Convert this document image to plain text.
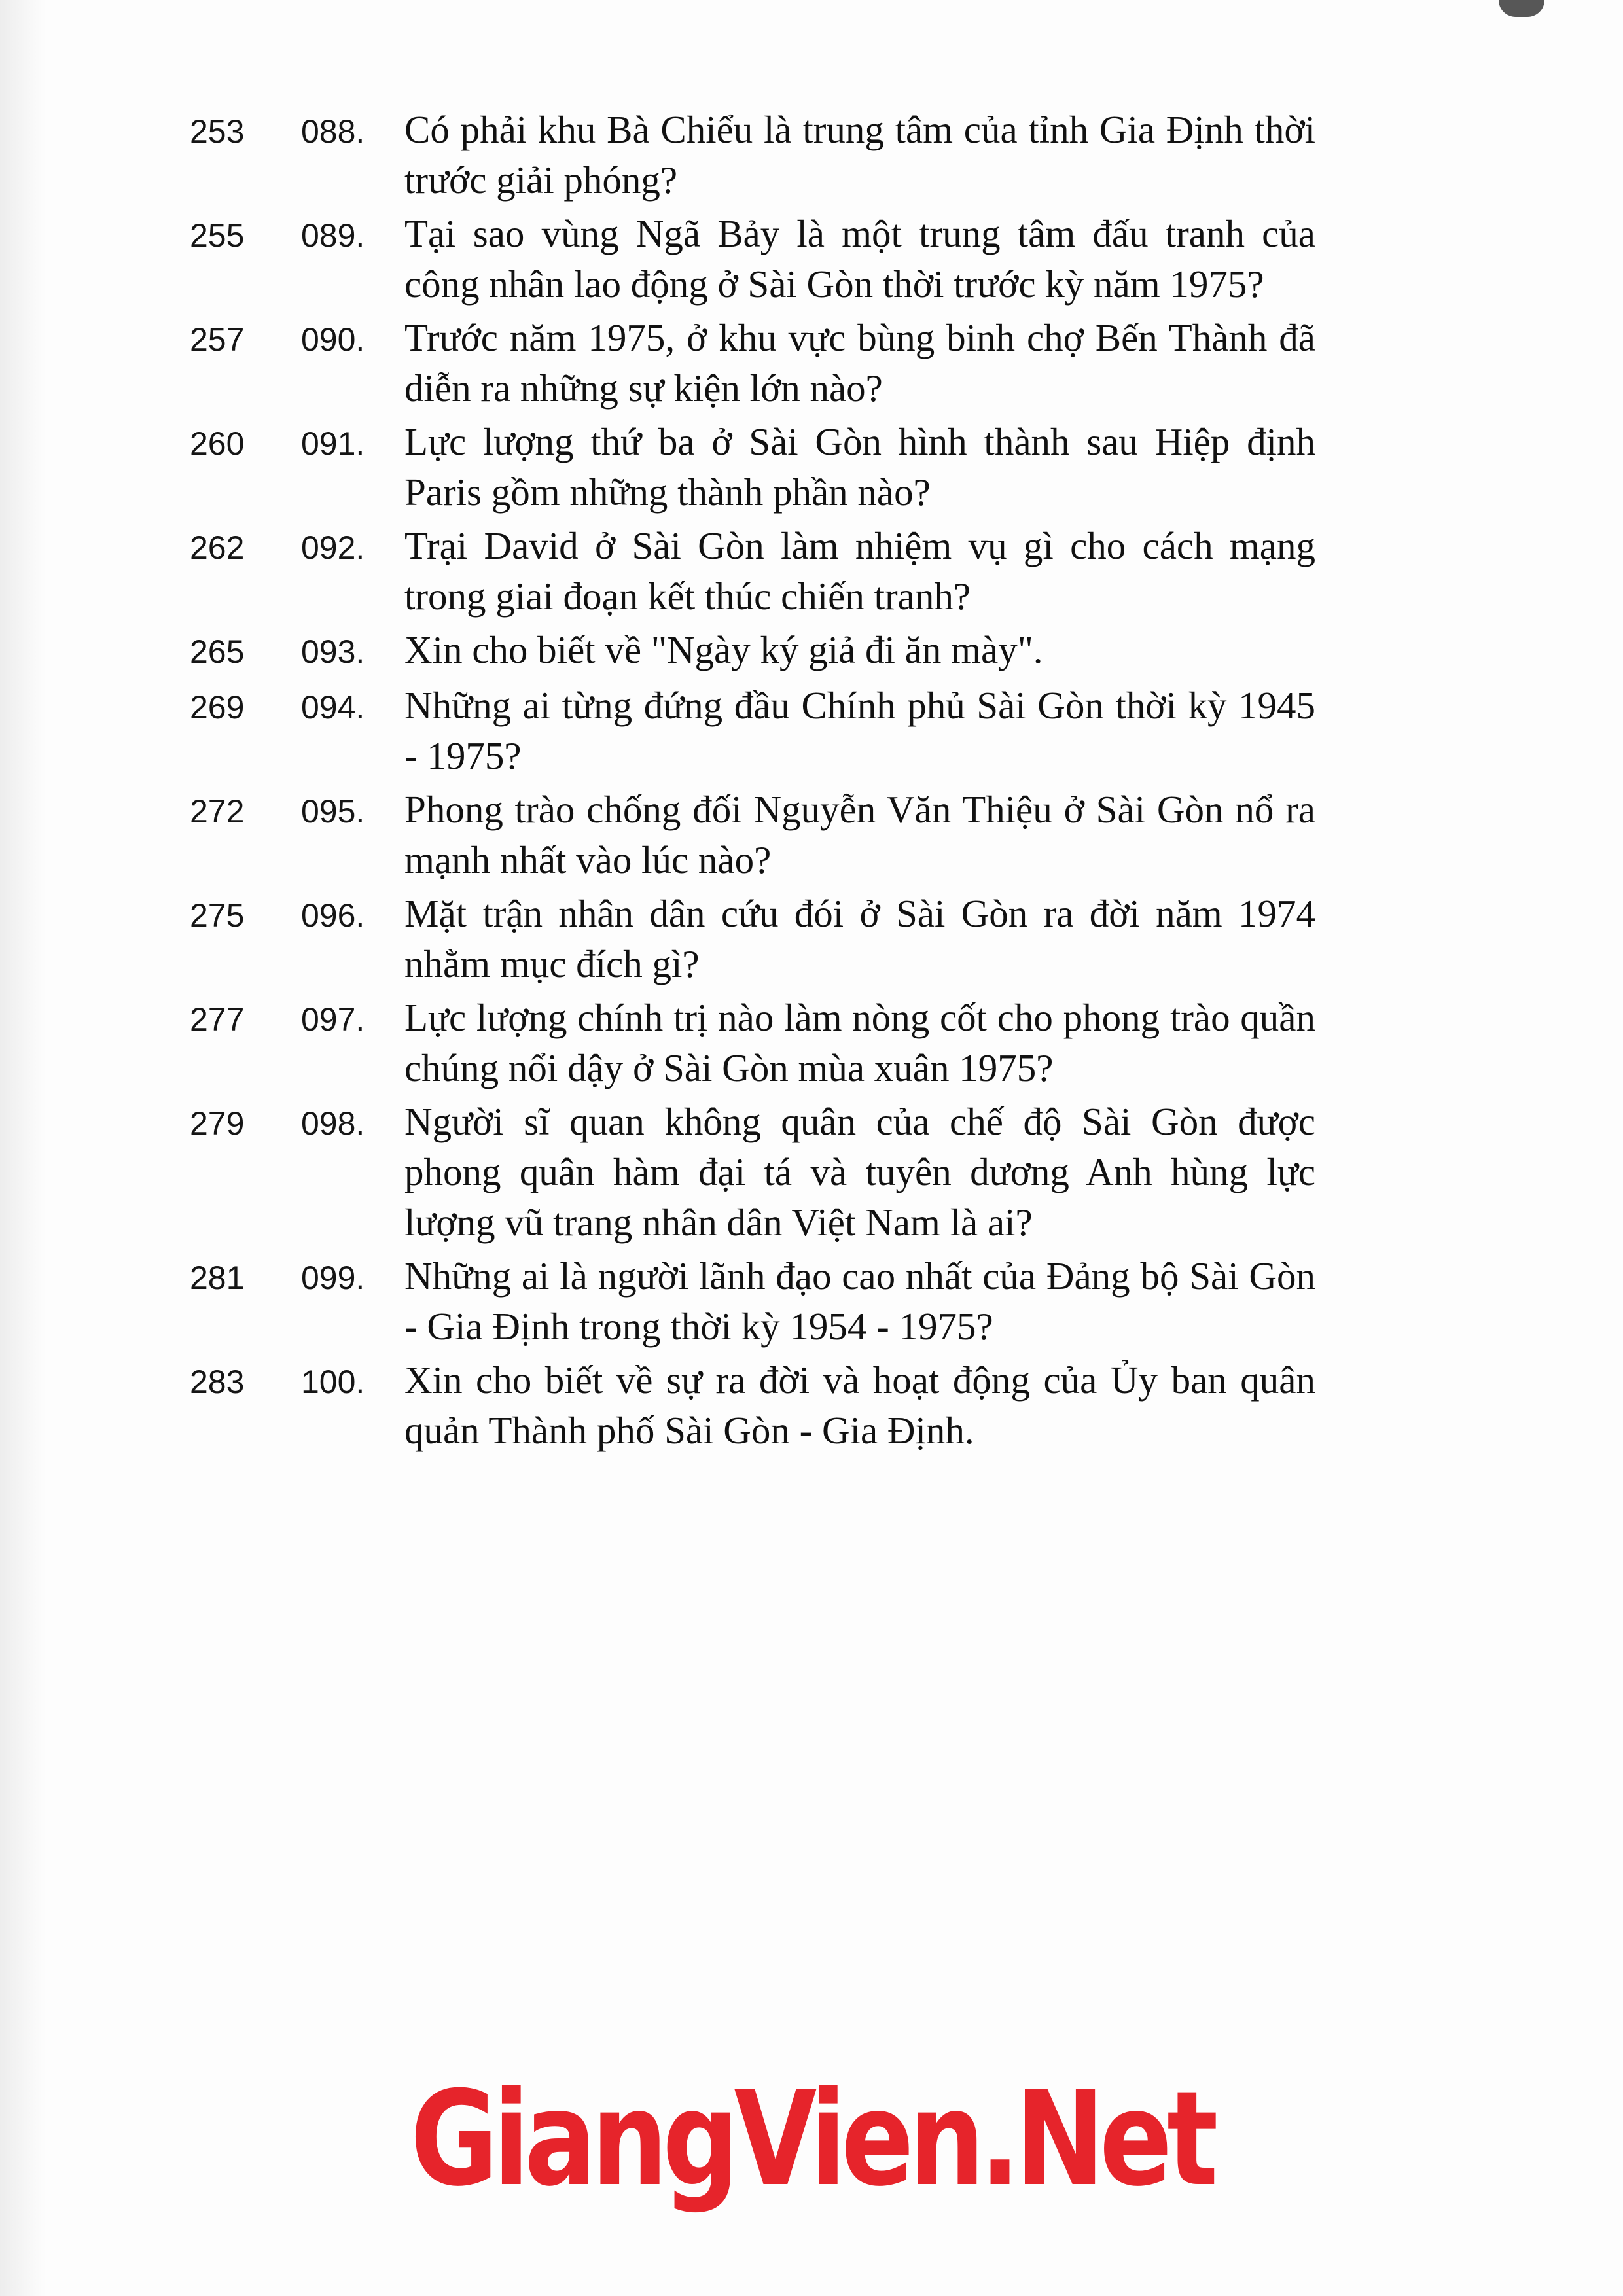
253	088.	Có phải khu Bà Chiểu là trung tâm của tỉnh Gia Định thời trước giải phóng?
255	089.	Tại sao vùng Ngã Bảy là một trung tâm đấu tranh của công nhân lao động ở Sài Gòn thời trước kỳ năm 1975?
257	090.	Trước năm 1975, ở khu vực bùng binh chợ Bến Thành đã diễn ra những sự kiện lớn nào?
260	091.	Lực lượng thứ ba ở Sài Gòn hình thành sau Hiệp định Paris gồm những thành phần nào?
262	092.	Trại David ở Sài Gòn làm nhiệm vụ gì cho cách mạng trong giai đoạn kết thúc chiến tranh?
265	093.	Xin cho biết về "Ngày ký giả đi ăn mày".
269	094.	Những ai từng đứng đầu Chính phủ Sài Gòn thời kỳ 1945 - 1975?
272	095.	Phong trào chống đối Nguyễn Văn Thiệu ở Sài Gòn nổ ra mạnh nhất vào lúc nào?
275	096.	Mặt trận nhân dân cứu đói ở Sài Gòn ra đời năm 1974 nhằm mục đích gì?
277	097.	Lực lượng chính trị nào làm nòng cốt cho phong trào quần chúng nổi dậy ở Sài Gòn mùa xuân 1975?
279	098.	Người sĩ quan không quân của chế độ Sài Gòn được phong quân hàm đại tá và tuyên dương Anh hùng lực lượng vũ trang nhân dân Việt Nam là ai?
281	099.	Những ai là người lãnh đạo cao nhất của Đảng bộ Sài Gòn - Gia Định trong thời kỳ 1954 - 1975?
283	100.	Xin cho biết về sự ra đời và hoạt động của Ủy ban quân quản Thành phố Sài Gòn - Gia Định.
GiangVien.Net
